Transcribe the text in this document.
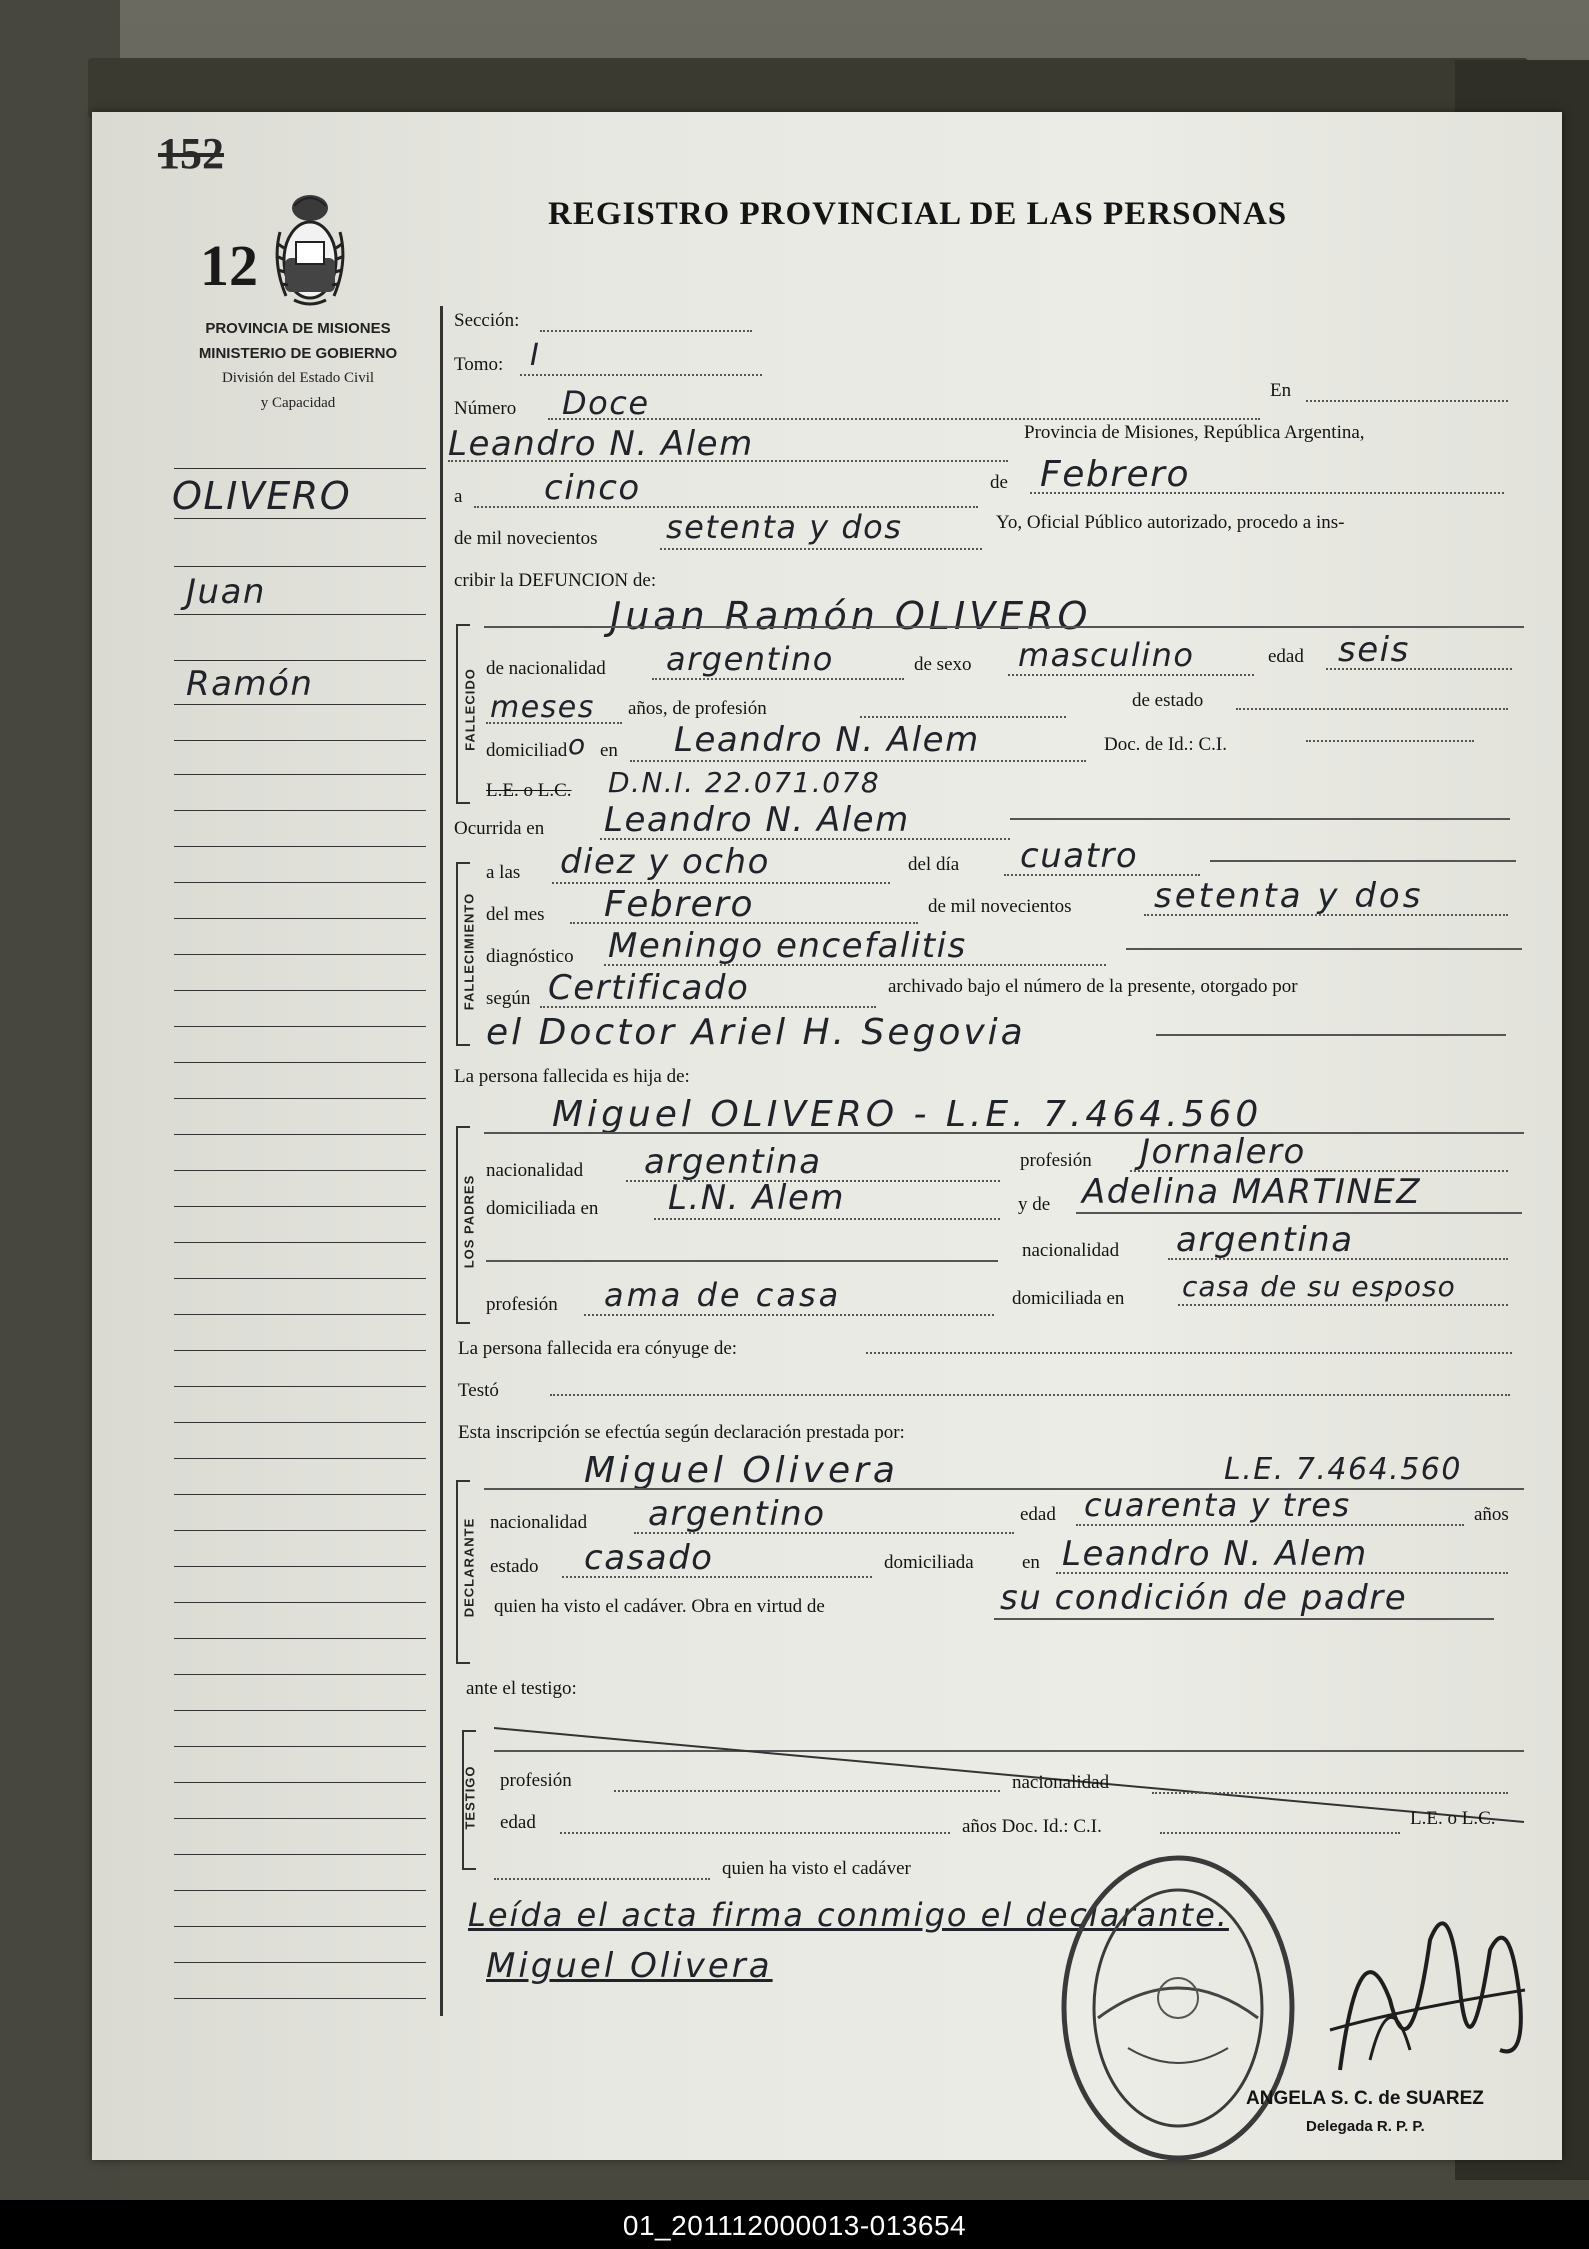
152
12
REGISTRO PROVINCIAL DE LAS PERSONAS
PROVINCIA DE MISIONES
MINISTERIO DE GOBIERNO
División del Estado Civil
y Capacidad
OLIVERO
Juan
Ramón
Sección:
Tomo: I
Número Doce	En
Leandro N. Alem	Provincia de Misiones, República Argentina,
a cinco	de Febrero
de mil novecientos setenta y dos	Yo, Oficial Público autorizado, procedo a ins-
cribir la DEFUNCION de:
FALLECIDO
Juan Ramón OLIVERO
de nacionalidad argentino	de sexo masculino	edad seis
meses años, de profesión	de estado
domiciliad o en Leandro N. Alem	Doc. de Id.: C.I.
L.E. o L.C. D.N.I. 22.071.078
Ocurrida en Leandro N. Alem
FALLECIMIENTO
a las diez y ocho	del día cuatro
del mes Febrero	de mil novecientos setenta y dos
diagnóstico Meningo encefalitis
según Certificado	archivado bajo el número de la presente, otorgado por
el Doctor Ariel H. Segovia
La persona fallecida es hija de:
LOS PADRES
Miguel OLIVERO - L.E. 7.464.560
nacionalidad argentina	profesión Jornalero
domiciliada en L.N. Alem	y de Adelina MARTINEZ
nacionalidad argentina
profesión ama de casa	domiciliada en casa de su esposo
La persona fallecida era cónyuge de:
Testó
Esta inscripción se efectúa según declaración prestada por:
DECLARANTE
Miguel Olivera	L.E. 7.464.560
nacionalidad argentino	edad cuarenta y tres	años
estado casado	domiciliada	en Leandro N. Alem
quien ha visto el cadáver. Obra en virtud de	su condición de padre
ante el testigo:
TESTIGO profesión	nacionalidad
edad	años Doc. Id.: C.I.	L.E. o L.C.
quien ha visto el cadáver
Leída el acta firma conmigo el declarante.
Miguel Olivera
ANGELA S. C. de SUAREZ
Delegada R. P. P.
01_201112000013-013654
